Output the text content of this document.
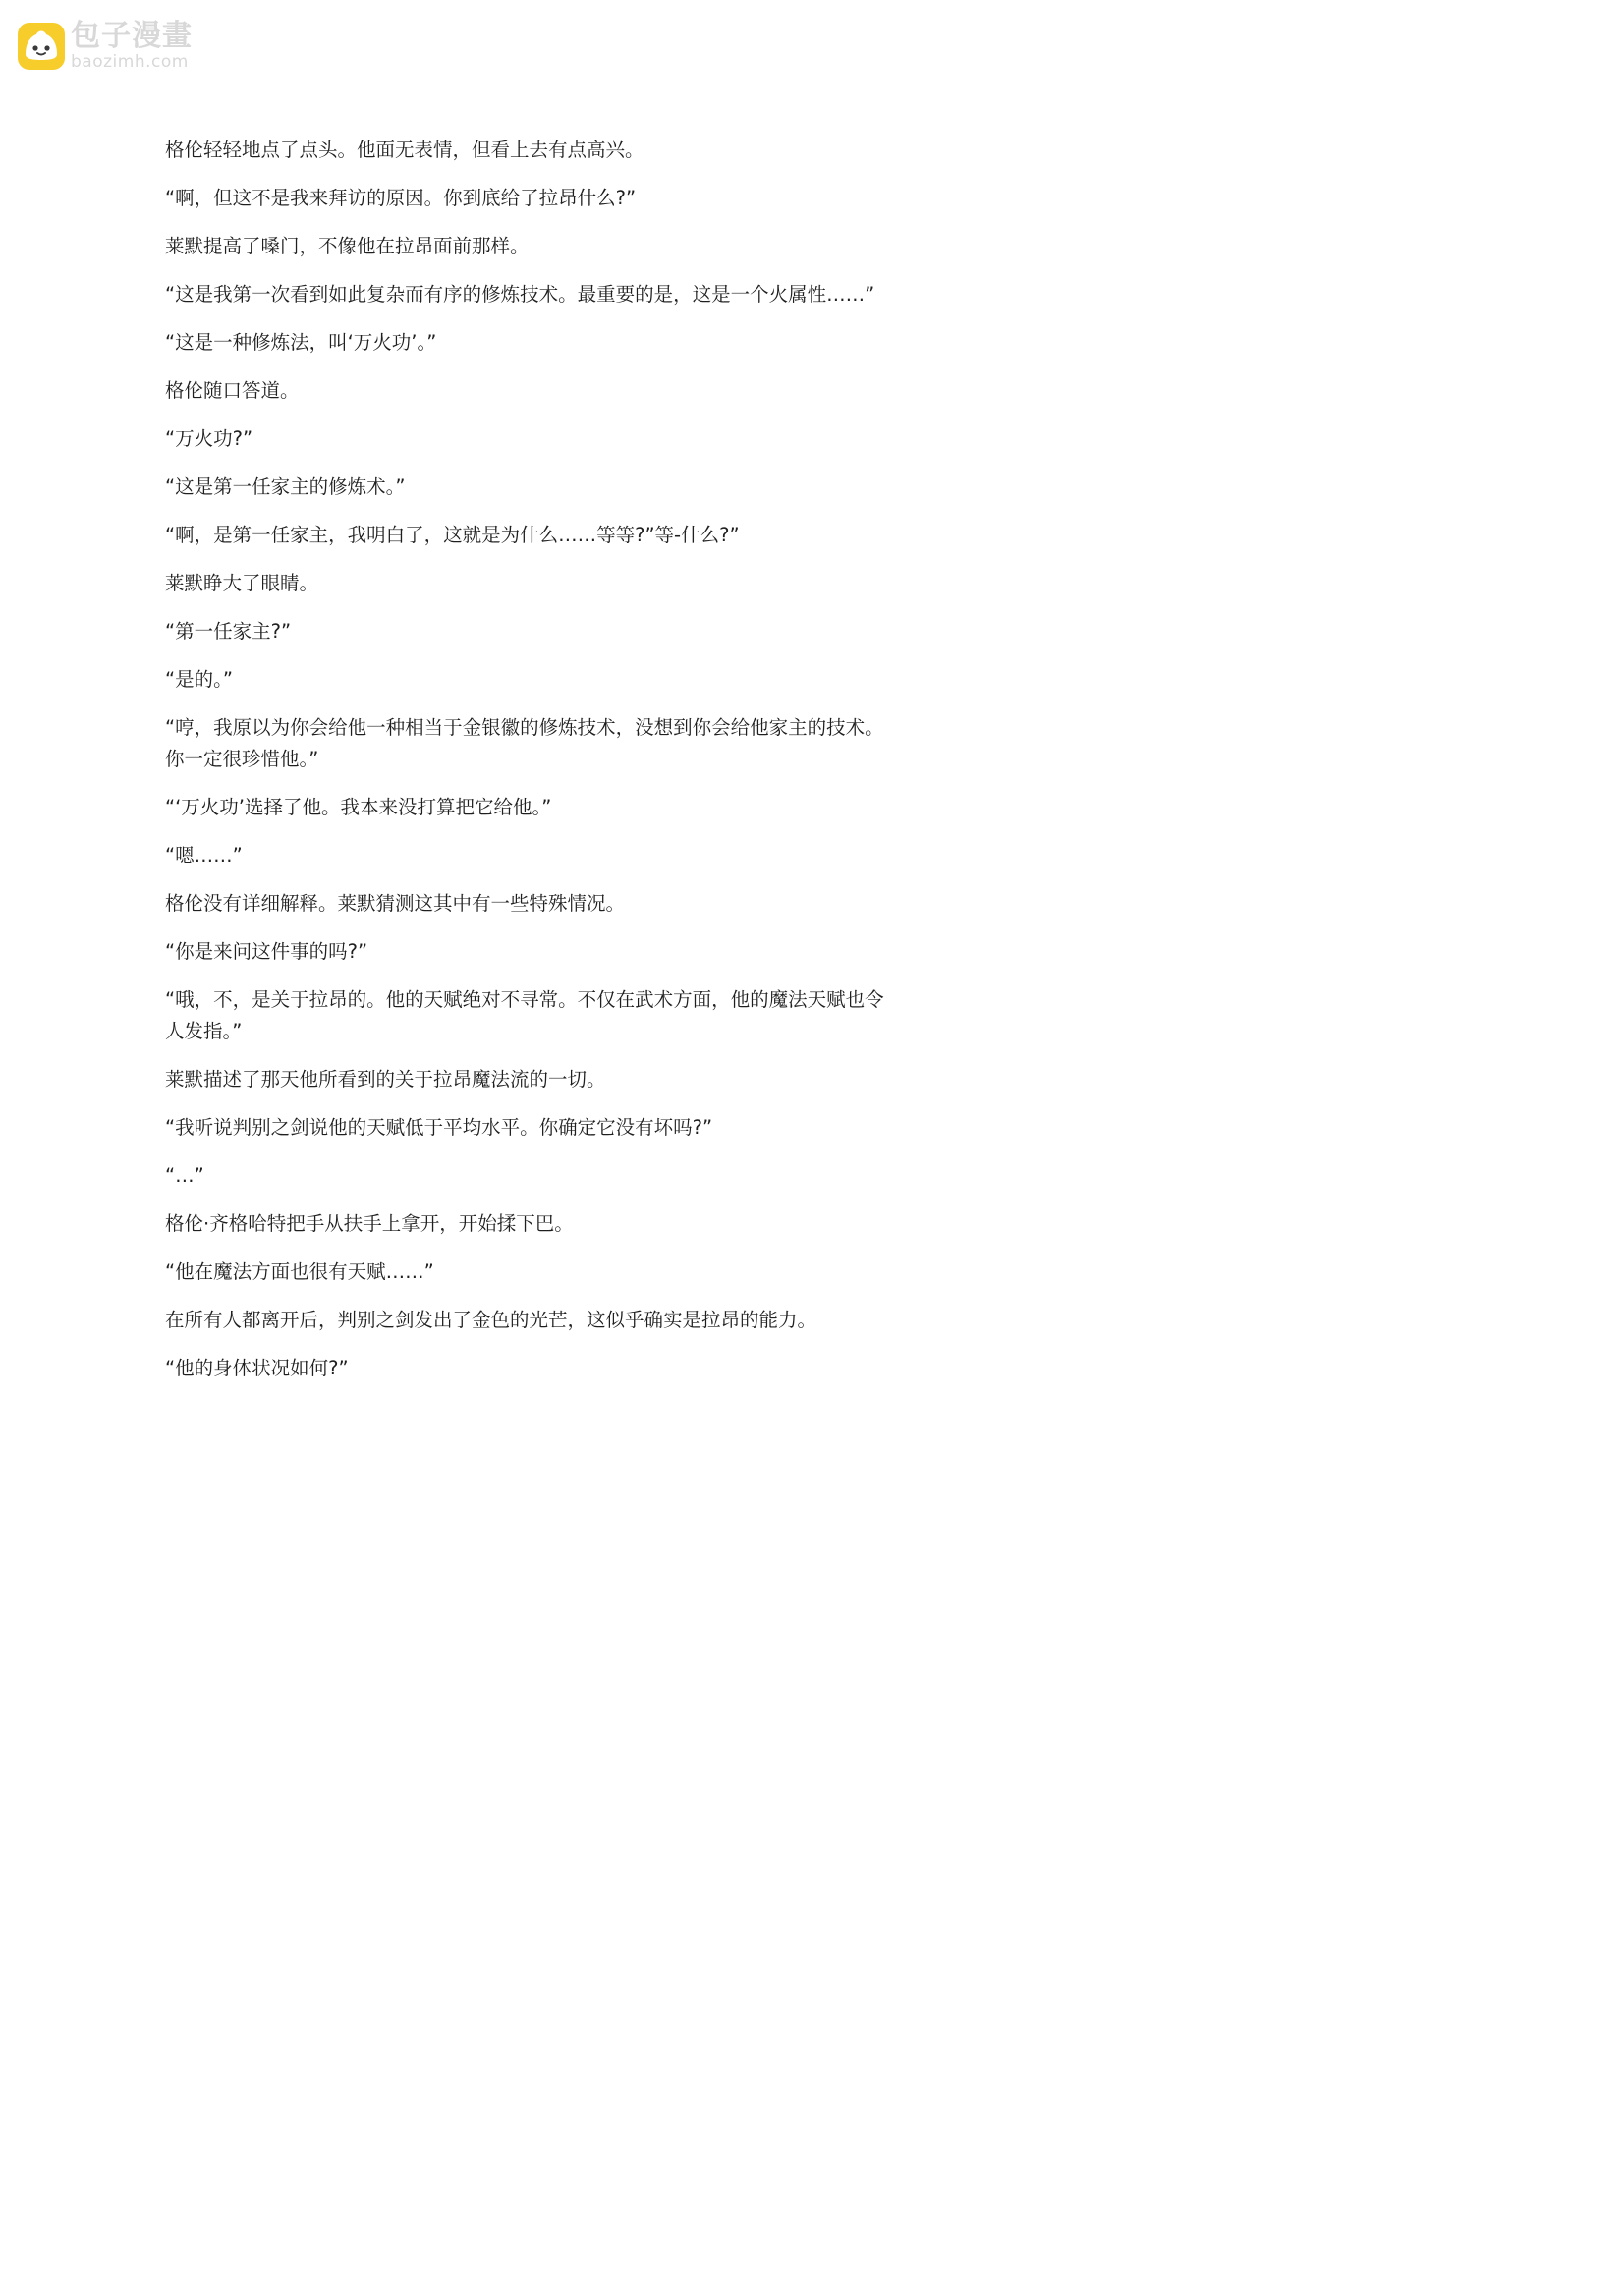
包子漫畫
baozimh.com

格伦轻轻地点了点头。他面无表情，但看上去有点高兴。

“啊，但这不是我来拜访的原因。你到底给了拉昂什么?”

莱默提高了嗓门，不像他在拉昂面前那样。

“这是我第一次看到如此复杂而有序的修炼技术。最重要的是，这是一个火属性……”

“这是一种修炼法，叫‘万火功’。”

格伦随口答道。

“万火功?”

“这是第一任家主的修炼术。”

“啊，是第一任家主，我明白了，这就是为什么……等等?”等-什么?”

莱默睁大了眼睛。

“第一任家主?”

“是的。”

“哼，我原以为你会给他一种相当于金银徽的修炼技术，没想到你会给他家主的技术。
你一定很珍惜他。”

“‘万火功’选择了他。我本来没打算把它给他。”

“嗯……”

格伦没有详细解释。莱默猜测这其中有一些特殊情况。

“你是来问这件事的吗?”

“哦，不，是关于拉昂的。他的天赋绝对不寻常。不仅在武术方面，他的魔法天赋也令
人发指。”

莱默描述了那天他所看到的关于拉昂魔法流的一切。

“我听说判别之剑说他的天赋低于平均水平。你确定它没有坏吗?”

“…”

格伦·齐格哈特把手从扶手上拿开，开始揉下巴。

“他在魔法方面也很有天赋……”

在所有人都离开后，判别之剑发出了金色的光芒，这似乎确实是拉昂的能力。

“他的身体状况如何?”
